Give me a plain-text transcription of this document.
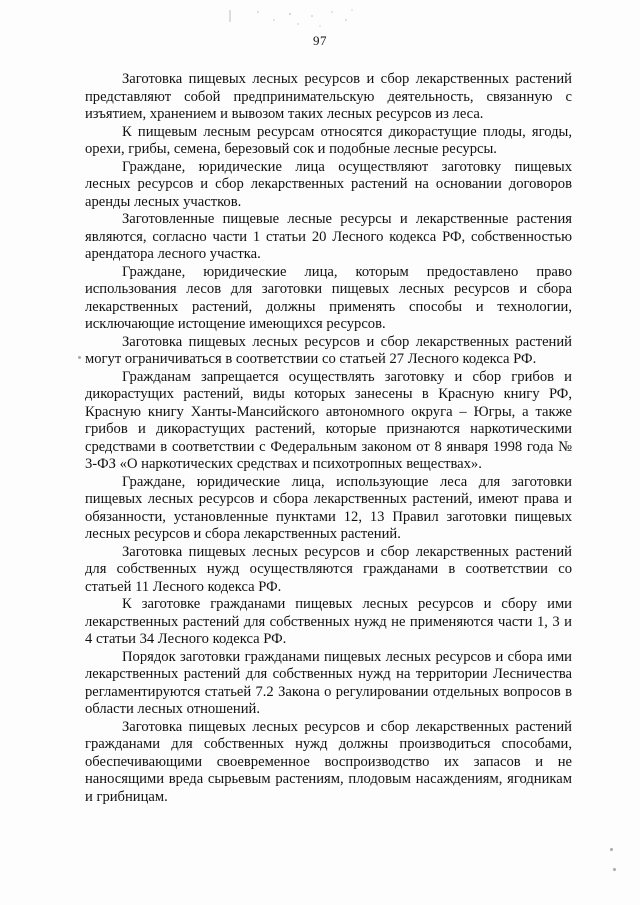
97

Заготовка пищевых лесных ресурсов и сбор лекарственных растений представляют собой предпринимательскую деятельность, связанную с изъятием, хранением и вывозом таких лесных ресурсов из леса.

К пищевым лесным ресурсам относятся дикорастущие плоды, ягоды, орехи, грибы, семена, березовый сок и подобные лесные ресурсы.

Граждане, юридические лица осуществляют заготовку пищевых лесных ресурсов и сбор лекарственных растений на основании договоров аренды лесных участков.

Заготовленные пищевые лесные ресурсы и лекарственные растения являются, согласно части 1 статьи 20 Лесного кодекса РФ, собственностью арендатора лесного участка.

Граждане, юридические лица, которым предоставлено право использования лесов для заготовки пищевых лесных ресурсов и сбора лекарственных растений, должны применять способы и технологии, исключающие истощение имеющихся ресурсов.

Заготовка пищевых лесных ресурсов и сбор лекарственных растений могут ограничиваться в соответствии со статьей 27 Лесного кодекса РФ.

Гражданам запрещается осуществлять заготовку и сбор грибов и дикорастущих растений, виды которых занесены в Красную книгу РФ, Красную книгу Ханты-Мансийского автономного округа – Югры, а также грибов и дикорастущих растений, которые признаются наркотическими средствами в соответствии с Федеральным законом от 8 января 1998 года № 3-ФЗ «О наркотических средствах и психотропных веществах».

Граждане, юридические лица, использующие леса для заготовки пищевых лесных ресурсов и сбора лекарственных растений, имеют права и обязанности, установленные пунктами 12, 13 Правил заготовки пищевых лесных ресурсов и сбора лекарственных растений.

Заготовка пищевых лесных ресурсов и сбор лекарственных растений для собственных нужд осуществляются гражданами в соответствии со статьей 11 Лесного кодекса РФ.

К заготовке гражданами пищевых лесных ресурсов и сбору ими лекарственных растений для собственных нужд не применяются части 1, 3 и 4 статьи 34 Лесного кодекса РФ.

Порядок заготовки гражданами пищевых лесных ресурсов и сбора ими лекарственных растений для собственных нужд на территории Лесничества регламентируются статьей 7.2 Закона о регулировании отдельных вопросов в области лесных отношений.

Заготовка пищевых лесных ресурсов и сбор лекарственных растений гражданами для собственных нужд должны производиться способами, обеспечивающими своевременное воспроизводство их запасов и не наносящими вреда сырьевым растениям, плодовым насаждениям, ягодникам и грибницам.
